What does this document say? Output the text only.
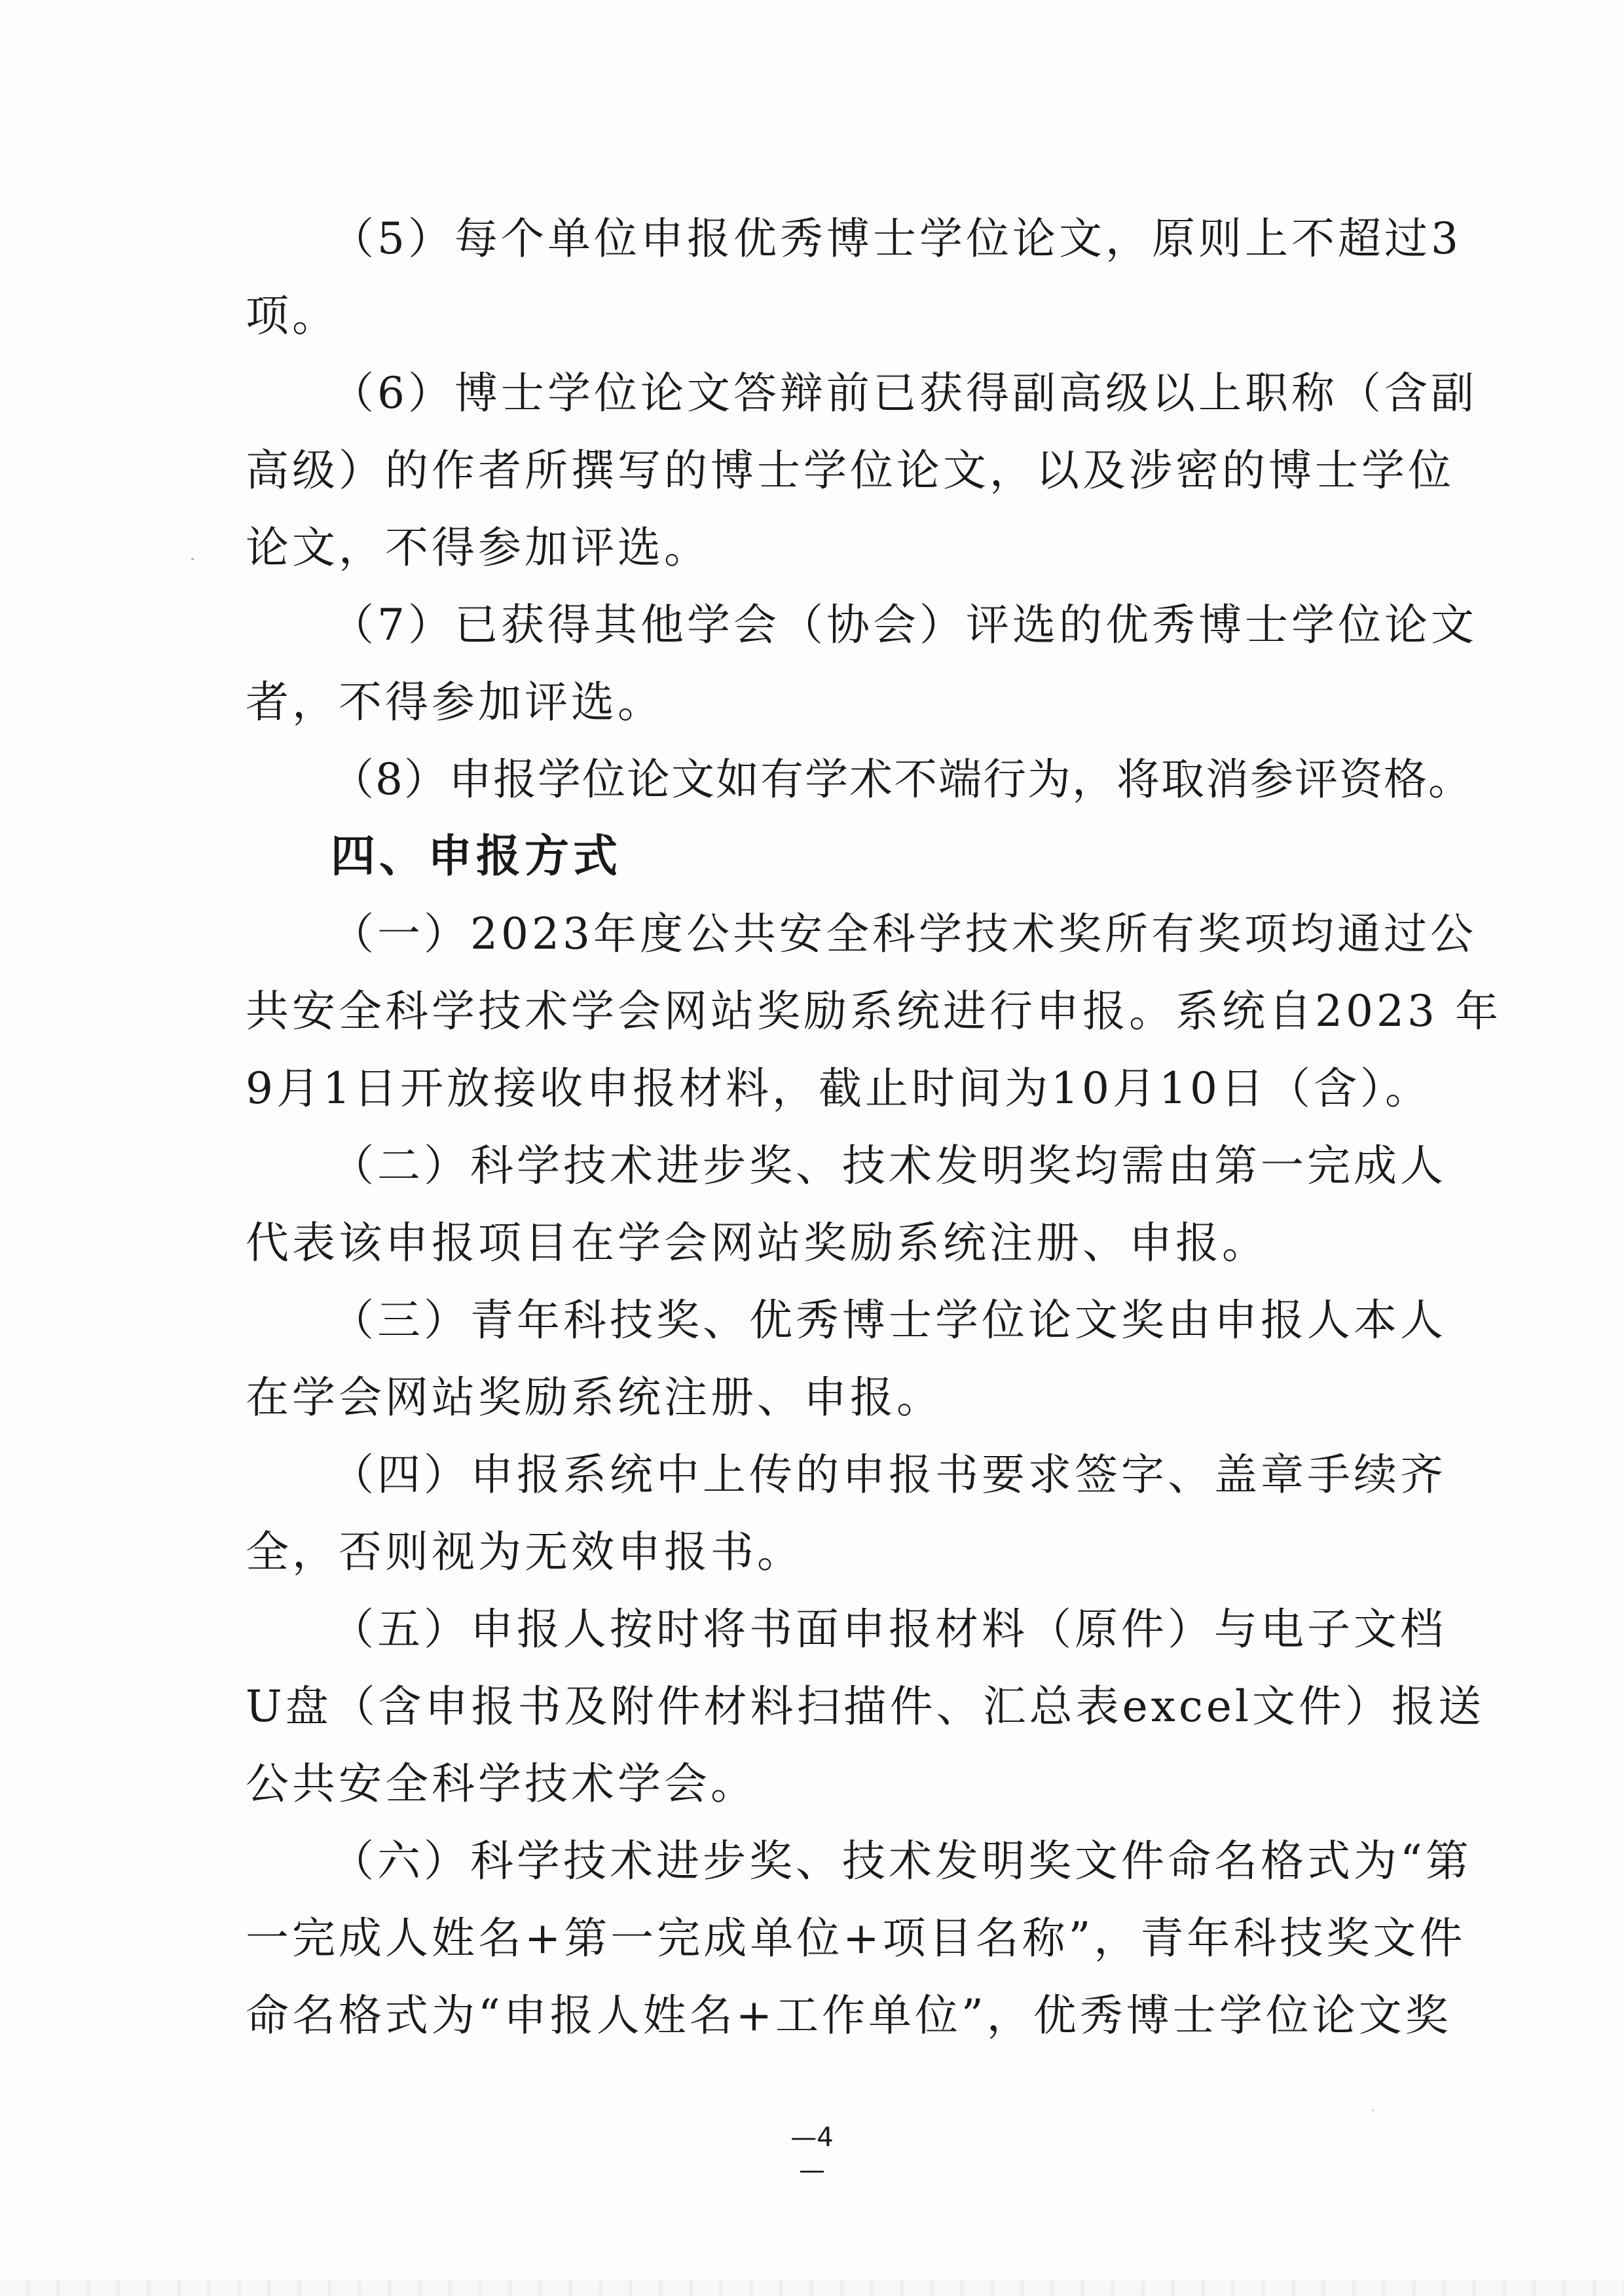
（5）每个单位申报优秀博士学位论文，原则上不超过3
项。
（6）博士学位论文答辩前已获得副高级以上职称（含副
高级）的作者所撰写的博士学位论文，以及涉密的博士学位
论文，不得参加评选。
（7）已获得其他学会（协会）评选的优秀博士学位论文
者，不得参加评选。
（8）申报学位论文如有学术不端行为，将取消参评资格。
四、申报方式
（一）2023年度公共安全科学技术奖所有奖项均通过公
共安全科学技术学会网站奖励系统进行申报。系统自2023 年
9月1日开放接收申报材料，截止时间为10月10日（含）。
（二）科学技术进步奖、技术发明奖均需由第一完成人
代表该申报项目在学会网站奖励系统注册、申报。
（三）青年科技奖、优秀博士学位论文奖由申报人本人
在学会网站奖励系统注册、申报。
（四）申报系统中上传的申报书要求签字、盖章手续齐
全，否则视为无效申报书。
（五）申报人按时将书面申报材料（原件）与电子文档
U盘（含申报书及附件材料扫描件、汇总表excel文件）报送
公共安全科学技术学会。
（六）科学技术进步奖、技术发明奖文件命名格式为“第
一完成人姓名+第一完成单位+项目名称”，青年科技奖文件
命名格式为“申报人姓名+工作单位”，优秀博士学位论文奖
—4—
